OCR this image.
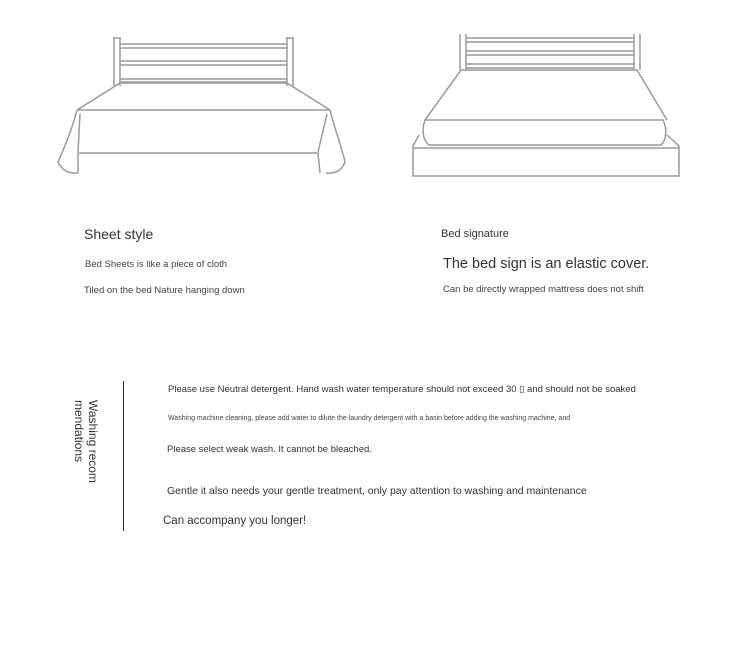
Sheet style
Bed Sheets is like a piece of cloth
Tiled on the bed Nature hanging down
Bed signature
The bed sign is an elastic cover.
Can be directly wrapped mattress does not shift
Washing recom mendations
Please use Neutral detergent. Hand wash water temperature should not exceed 30 ▯ and should not be soaked
Washing machine cleaning, please add water to dilute the laundry detergent with a basin before adding the washing machine, and
Please select weak wash. It cannot be bleached.
Gentle it also needs your gentle treatment, only pay attention to washing and maintenance
Can accompany you longer!
